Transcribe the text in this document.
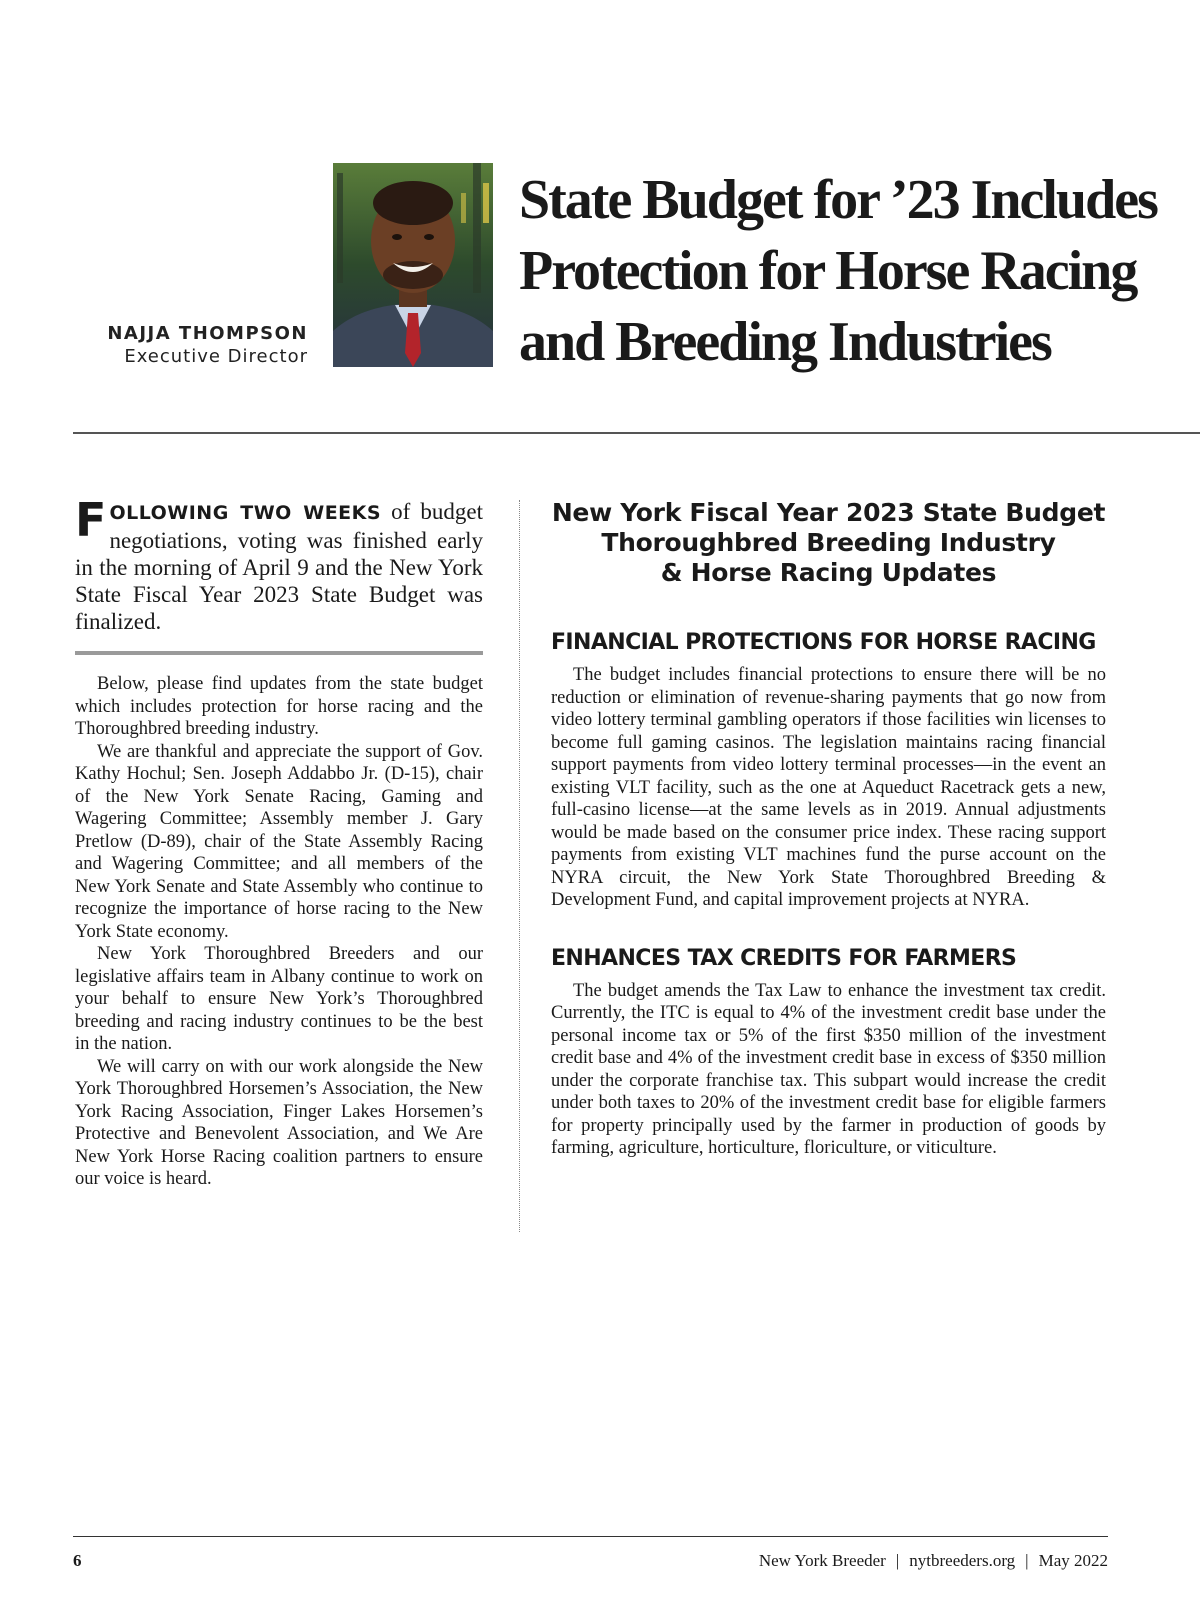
NAJJA THOMPSON
Executive Director
State Budget for ’23 Includes Protection for Horse Racing and Breeding Industries

FOLLOWING TWO WEEKS of budget negotiations, voting was finished early in the morning of April 9 and the New York State Fiscal Year 2023 State Budget was finalized.

Below, please find updates from the state budget which includes protection for horse racing and the Thoroughbred breeding industry.

We are thankful and appreciate the support of Gov. Kathy Hochul; Sen. Joseph Addabbo Jr. (D-15), chair of the New York Senate Racing, Gaming and Wagering Committee; Assembly member J. Gary Pretlow (D-89), chair of the State Assembly Racing and Wagering Committee; and all members of the New York Senate and State Assembly who continue to recognize the importance of horse racing to the New York State economy.

New York Thoroughbred Breeders and our legislative affairs team in Albany continue to work on your behalf to ensure New York’s Thoroughbred breeding and racing industry continues to be the best in the nation.

We will carry on with our work alongside the New York Thoroughbred Horsemen’s Association, the New York Racing Association, Finger Lakes Horsemen’s Protective and Benevolent Association, and We Are New York Horse Racing coalition partners to ensure our voice is heard.

New York Fiscal Year 2023 State Budget
Thoroughbred Breeding Industry
& Horse Racing Updates
FINANCIAL PROTECTIONS FOR HORSE RACING

The budget includes financial protections to ensure there will be no reduction or elimination of revenue-sharing payments that go now from video lottery terminal gambling operators if those facilities win licenses to become full gaming casinos. The legislation maintains racing financial support payments from video lottery terminal processes—in the event an existing VLT facility, such as the one at Aqueduct Racetrack gets a new, full-casino license—at the same levels as in 2019. Annual adjustments would be made based on the consumer price index. These racing support payments from existing VLT machines fund the purse account on the NYRA circuit, the New York State Thoroughbred Breeding & Development Fund, and capital improvement projects at NYRA.

ENHANCES TAX CREDITS FOR FARMERS

The budget amends the Tax Law to enhance the investment tax credit. Currently, the ITC is equal to 4% of the investment credit base under the personal income tax or 5% of the first $350 million of the investment credit base and 4% of the investment credit base in excess of $350 million under the corporate franchise tax. This subpart would increase the credit under both taxes to 20% of the investment credit base for eligible farmers for property principally used by the farmer in production of goods by farming, agriculture, horticulture, floriculture, or viticulture.

6	New York Breeder | nytbreeders.org | May 2022
